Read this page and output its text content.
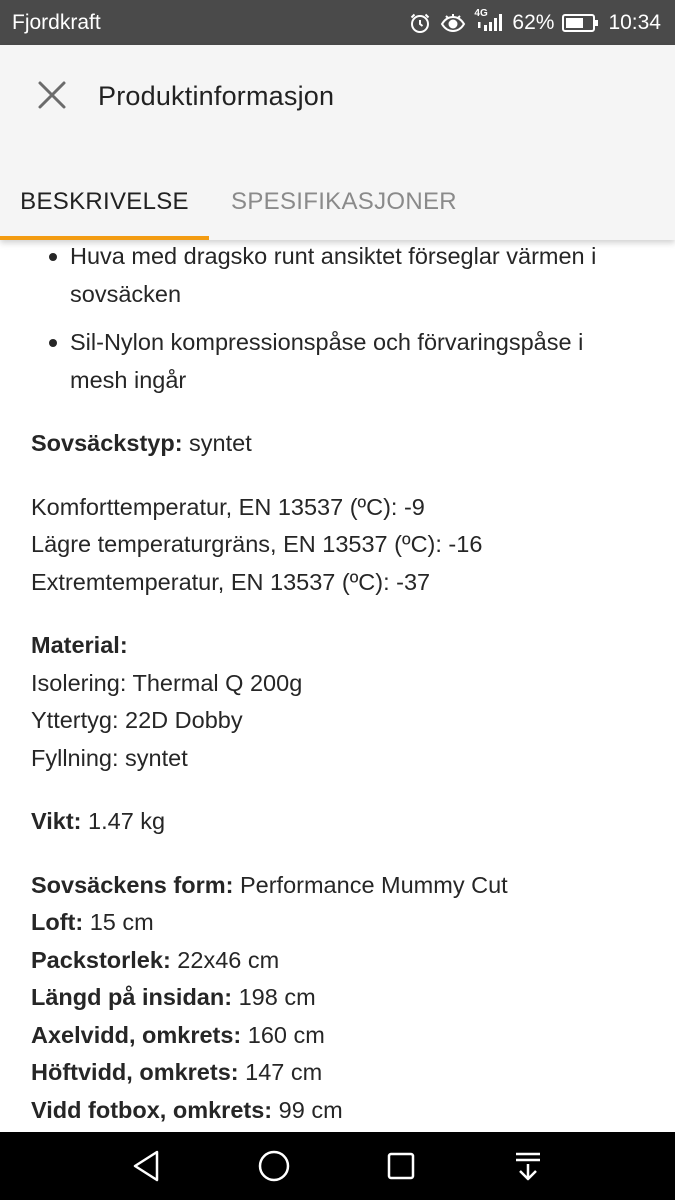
Fjordkraft	4G 62%	10:34
Produktinformasjon
BESKRIVELSE SPESIFIKASJONER
Huva med dragsko runt ansiktet förseglar värmen i sovsäcken
Sil-Nylon kompressionspåse och förvaringspåse i mesh ingår
Sovsäckstyp: syntet
Komforttemperatur, EN 13537 (ºC): -9
Lägre temperaturgräns, EN 13537 (ºC): -16
Extremtemperatur, EN 13537 (ºC): -37
Material:
Isolering: Thermal Q 200g
Yttertyg: 22D Dobby
Fyllning: syntet
Vikt: 1.47 kg
Sovsäckens form: Performance Mummy Cut
Loft: 15 cm
Packstorlek: 22x46 cm
Längd på insidan: 198 cm
Axelvidd, omkrets: 160 cm
Höftvidd, omkrets: 147 cm
Vidd fotbox, omkrets: 99 cm
